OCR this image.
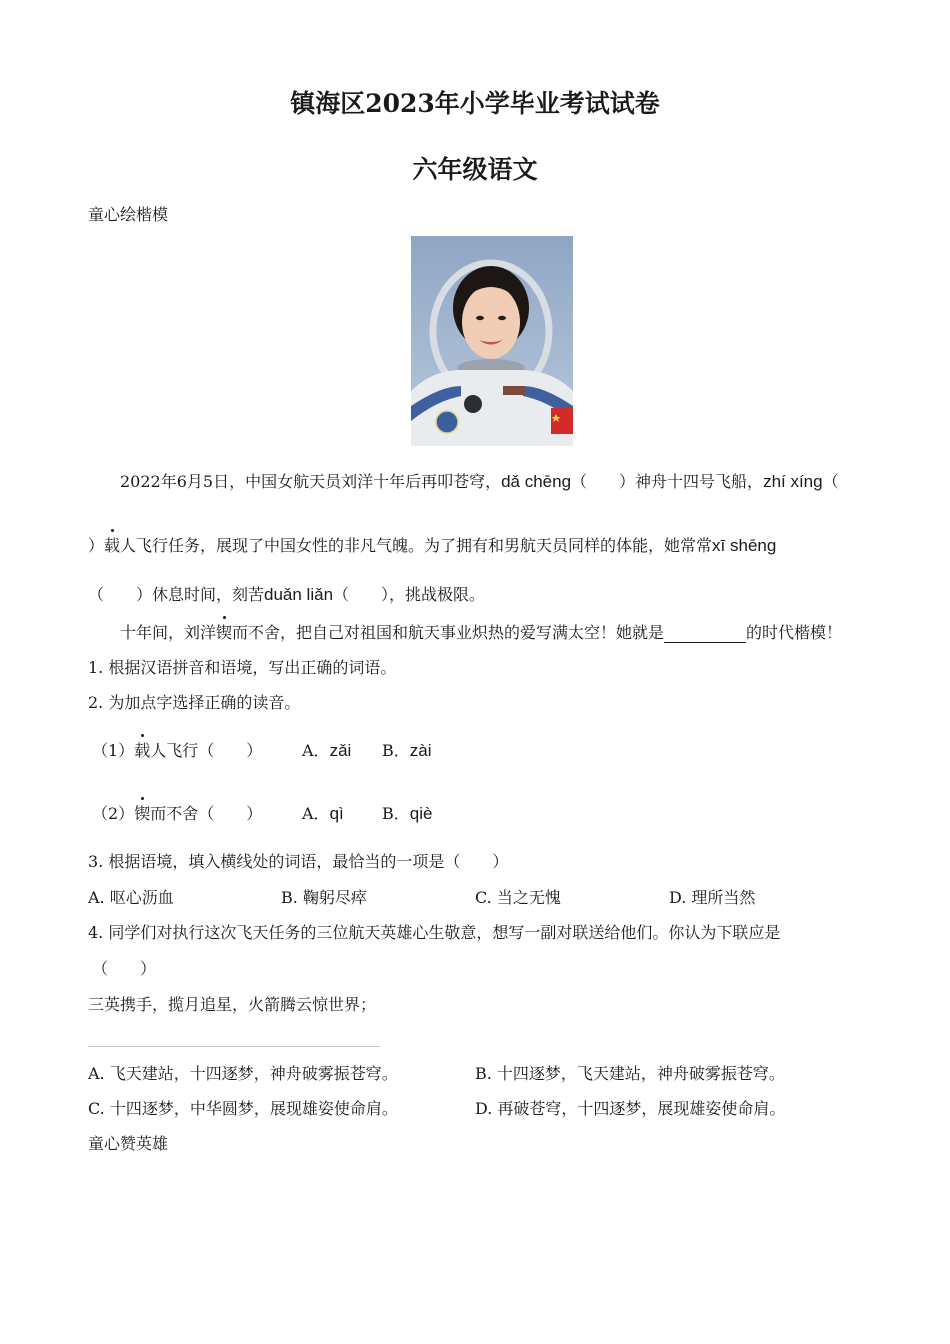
镇海区2023年小学毕业考试试卷
六年级语文
童心绘楷模
2022年6月5日，中国女航天员刘洋十年后再叩苍穹，dǎ chēng（　　）神舟十四号飞船，zhí xíng（
）载人飞行任务，展现了中国女性的非凡气魄。为了拥有和男航天员同样的体能，她常常xī shēng
（　　）休息时间，刻苦duǎn liǎn（　　），挑战极限。
十年间，刘洋锲而不舍，把自己对祖国和航天事业炽热的爱写满太空！她就是	的时代楷模！
1. 根据汉语拼音和语境，写出正确的词语。
2. 为加点字选择正确的读音。
（1）载人飞行（　　） A．zǎi B．zài
（2）锲而不舍（　　） A．qì B．qiè
3. 根据语境，填入横线处的词语，最恰当的一项是（　　）
A. 呕心沥血	B. 鞠躬尽瘁	C. 当之无愧	D. 理所当然
4. 同学们对执行这次飞天任务的三位航天英雄心生敬意，想写一副对联送给他们。你认为下联应是
（　　）
三英携手，揽月追星，火箭腾云惊世界；
A. 飞天建站，十四逐梦，神舟破雾振苍穹。	B. 十四逐梦，飞天建站，神舟破雾振苍穹。
C. 十四逐梦，中华圆梦，展现雄姿使命肩。	D. 再破苍穹，十四逐梦，展现雄姿使命肩。
童心赞英雄
